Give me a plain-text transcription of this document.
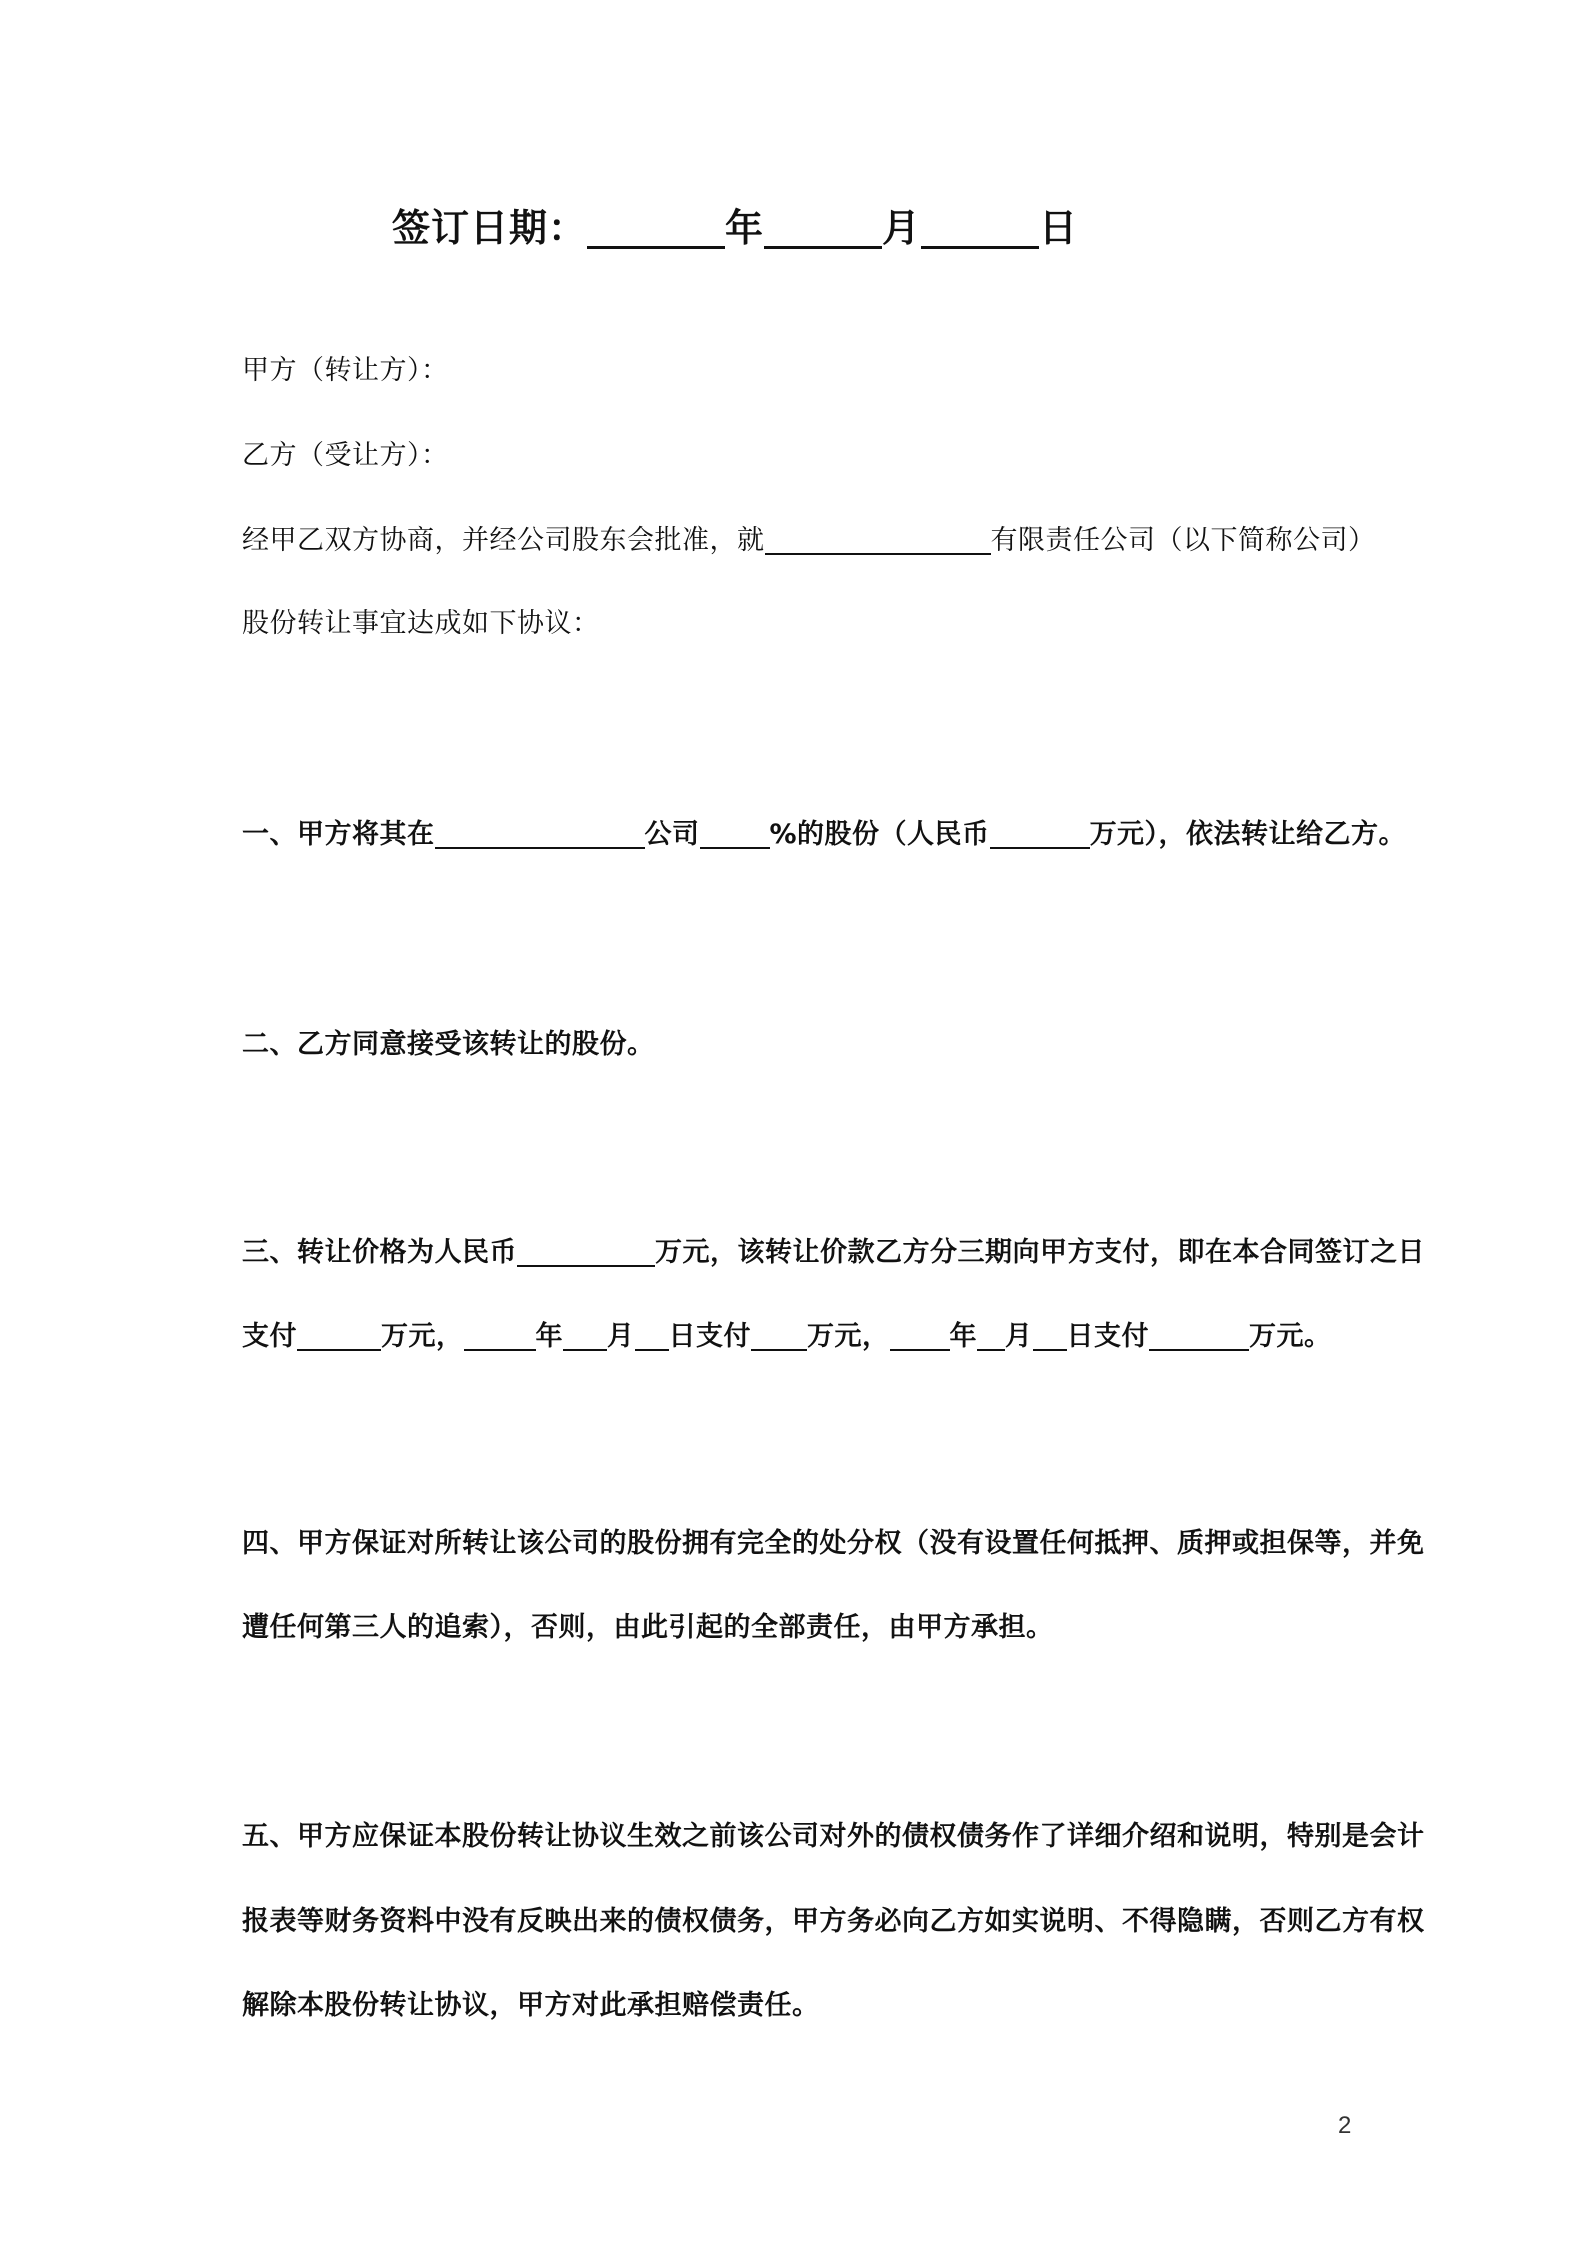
签订日期：	年	月	日
甲方（转让方）：
乙方（受让方）：
经甲乙双方协商，并经公司股东会批准，就	有限责任公司（以下简称公司）
股份转让事宜达成如下协议：
一、甲方将其在	公司	%的股份（人民币	万元），依法转让给乙方。
二、乙方同意接受该转让的股份。
三、转让价格为人民币	万元，该转让价款乙方分三期向甲方支付，即在本合同签订之日
支付	万元，	年 月 日支付 万元， 年 月 日支付	万元。
四、甲方保证对所转让该公司的股份拥有完全的处分权（没有设置任何抵押、质押或担保等，并免
遭任何第三人的追索），否则，由此引起的全部责任，由甲方承担。
五、甲方应保证本股份转让协议生效之前该公司对外的债权债务作了详细介绍和说明，特别是会计
报表等财务资料中没有反映出来的债权债务，甲方务必向乙方如实说明、不得隐瞒，否则乙方有权
解除本股份转让协议，甲方对此承担赔偿责任。
2
